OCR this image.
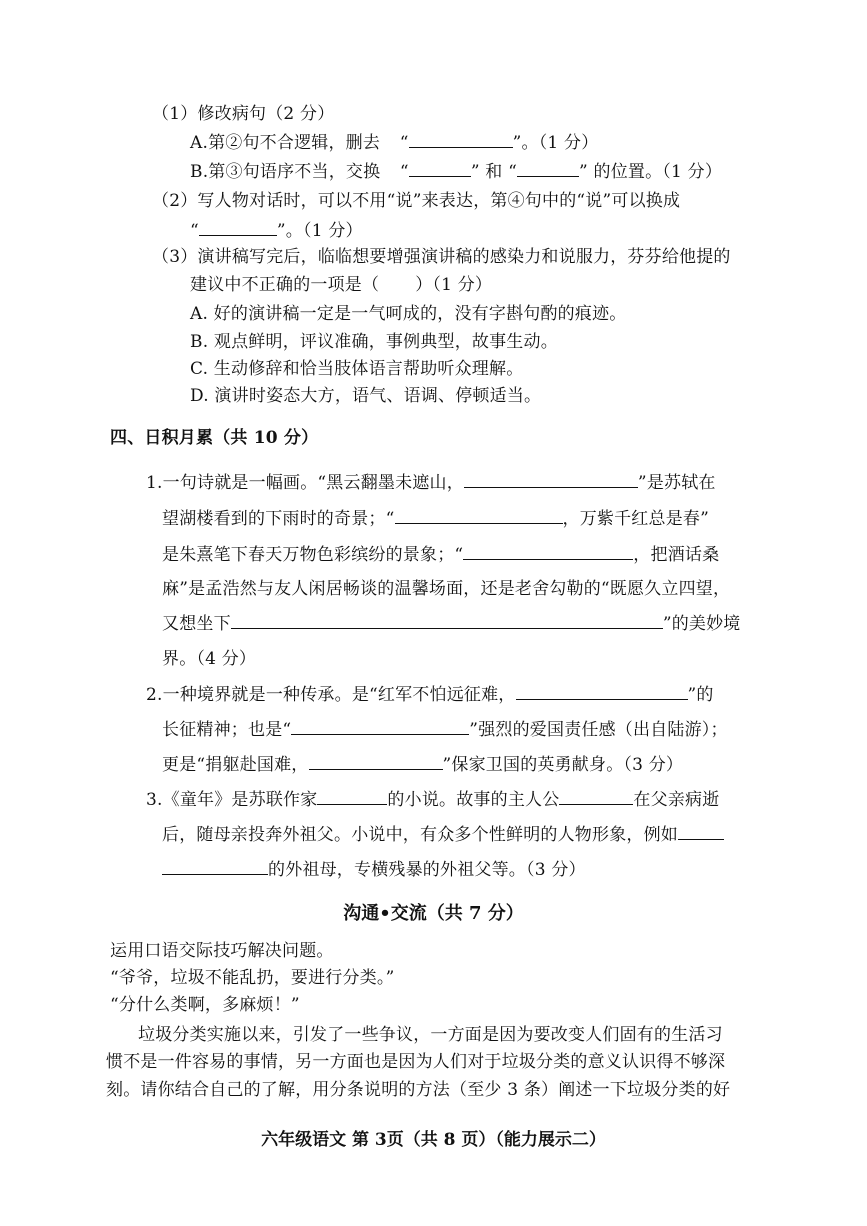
（1）修改病句（2 分）
A.第②句不合逻辑，删去 “	”。（1 分）
B.第③句语序不当，交换 “	” 和 “	” 的位置。（1 分）
（2）写人物对话时，可以不用“说”来表达，第④句中的“说”可以换成
“	”。（1 分）
（3）演讲稿写完后，临临想要增强演讲稿的感染力和说服力，芬芬给他提的
建议中不正确的一项是（ ）（1 分）
A. 好的演讲稿一定是一气呵成的，没有字斟句酌的痕迹。
B. 观点鲜明，评议准确，事例典型，故事生动。
C. 生动修辞和恰当肢体语言帮助听众理解。
D. 演讲时姿态大方，语气、语调、停顿适当。
四、日积月累（共 10 分）
1.一句诗就是一幅画。“黑云翻墨未遮山，	”是苏轼在
望湖楼看到的下雨时的奇景；“	，万紫千红总是春”
是朱熹笔下春天万物色彩缤纷的景象；“	，把酒话桑
麻”是孟浩然与友人闲居畅谈的温馨场面，还是老舍勾勒的“既愿久立四望，
又想坐下	”的美妙境
界。（4 分）
2.一种境界就是一种传承。是“红军不怕远征难，	”的
长征精神；也是“	”强烈的爱国责任感（出自陆游）；
更是“捐躯赴国难，	”保家卫国的英勇献身。（3 分）
3.《童年》是苏联作家	的小说。故事的主人公	在父亲病逝
后，随母亲投奔外祖父。小说中，有众多个性鲜明的人物形象，例如
的外祖母，专横残暴的外祖父等。（3 分）
沟通•交流（共 7 分）
运用口语交际技巧解决问题。
“爷爷，垃圾不能乱扔，要进行分类。”
“分什么类啊，多麻烦！”
垃圾分类实施以来，引发了一些争议，一方面是因为要改变人们固有的生活习
惯不是一件容易的事情，另一方面也是因为人们对于垃圾分类的意义认识得不够深
刻。请你结合自己的了解，用分条说明的方法（至少 3 条）阐述一下垃圾分类的好
六年级语文 第 3页（共 8 页）（能力展示二）
